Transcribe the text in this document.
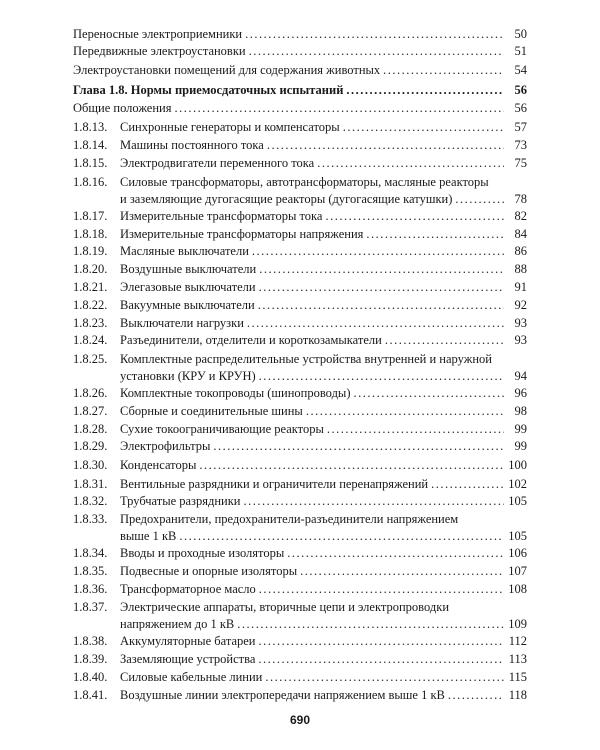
Переносные электроприемники .....	50
Передвижные электроустановки .....	51
Электроустановки помещений для содержания животных .....	54
Глава 1.8. Нормы приемосдаточных испытаний .....	56
Общие положения .....	56
1.8.13. Синхронные генераторы и компенсаторы .....	57
1.8.14. Машины постоянного тока .....	73
1.8.15. Электродвигатели переменного тока .....	75
1.8.16. Силовые трансформаторы, автотрансформаторы, масляные реакторы
и заземляющие дугогасящие реакторы (дугогасящие катушки) .....	78
1.8.17. Измерительные трансформаторы тока .....	82
1.8.18. Измерительные трансформаторы напряжения .....	84
1.8.19. Масляные выключатели .....	86
1.8.20. Воздушные выключатели .....	88
1.8.21. Элегазовые выключатели .....	91
1.8.22. Вакуумные выключатели .....	92
1.8.23. Выключатели нагрузки .....	93
1.8.24. Разъединители, отделители и короткозамыкатели .....	93
1.8.25. Комплектные распределительные устройства внутренней и наружной
установки (КРУ и КРУН) .....	94
1.8.26. Комплектные токопроводы (шинопроводы) .....	96
1.8.27. Сборные и соединительные шины .....	98
1.8.28. Сухие токоограничивающие реакторы .....	99
1.8.29. Электрофильтры .....	99
1.8.30. Конденсаторы .....	100
1.8.31. Вентильные разрядники и ограничители перенапряжений .....	102
1.8.32. Трубчатые разрядники .....	105
1.8.33. Предохранители, предохранители-разъединители напряжением
выше 1 кВ .....	105
1.8.34. Вводы и проходные изоляторы .....	106
1.8.35. Подвесные и опорные изоляторы .....	107
1.8.36. Трансформаторное масло .....	108
1.8.37. Электрические аппараты, вторичные цепи и электропроводки
напряжением до 1 кВ .....	109
1.8.38. Аккумуляторные батареи .....	112
1.8.39. Заземляющие устройства .....	113
1.8.40. Силовые кабельные линии .....	115
1.8.41. Воздушные линии электропередачи напряжением выше 1 кВ .....	118
690
